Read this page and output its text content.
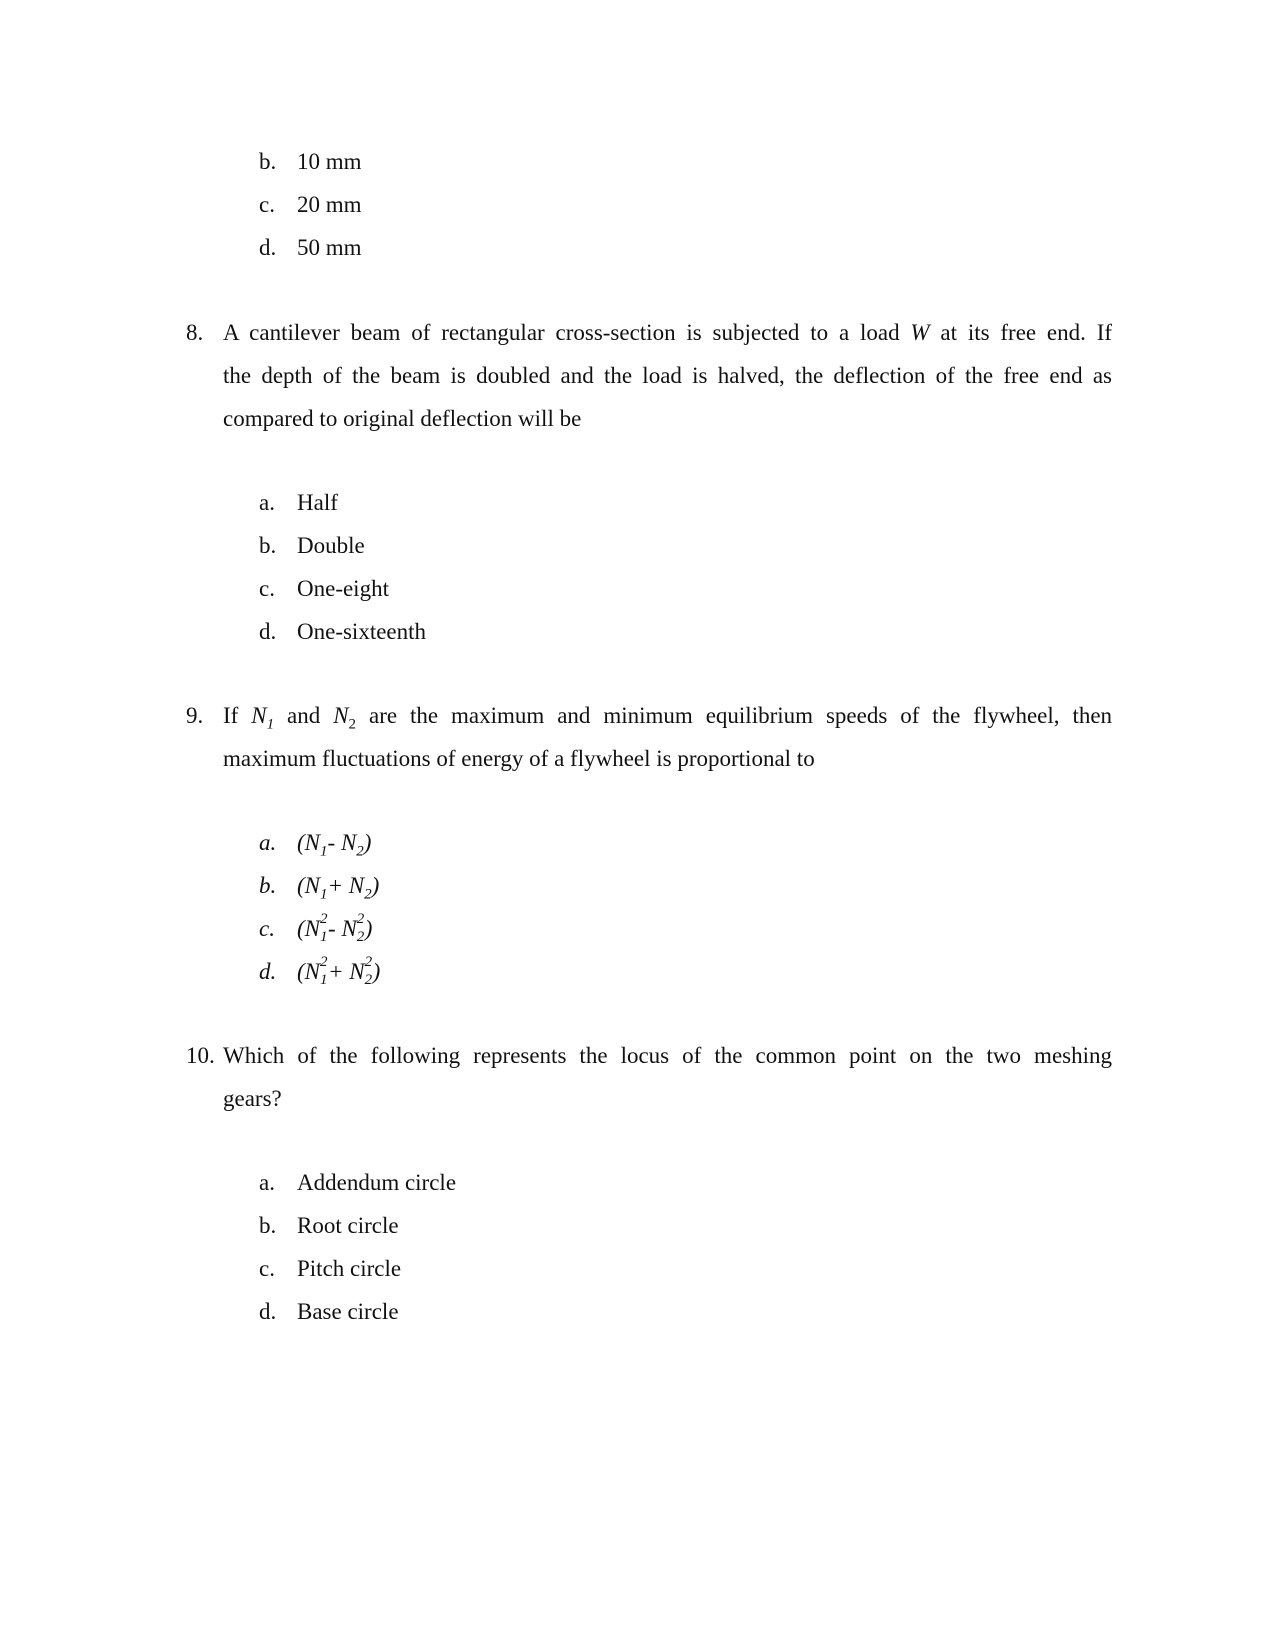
b. 10 mm
c. 20 mm
d. 50 mm
8. A cantilever beam of rectangular cross-section is subjected to a load W at its free end. If
the depth of the beam is doubled and the load is halved, the deflection of the free end as
compared to original deflection will be
a. Half
b. Double
c. One-eight
d. One-sixteenth
9. If $N_1$ and $N_2$ are the maximum and minimum equilibrium speeds of the flywheel, then
maximum fluctuations of energy of a flywheel is proportional to
a. ($N_1-$ $N_2$)
b. $(N_1+ N_2)$
c. (N 2
1 - N 2
2 )
d. (N 2
1 + N 2
2 )
10. Which of the following represents the locus of the common point on the two meshing
gears?
a. Addendum circle
b. Root circle
c. Pitch circle
d. Base circle
